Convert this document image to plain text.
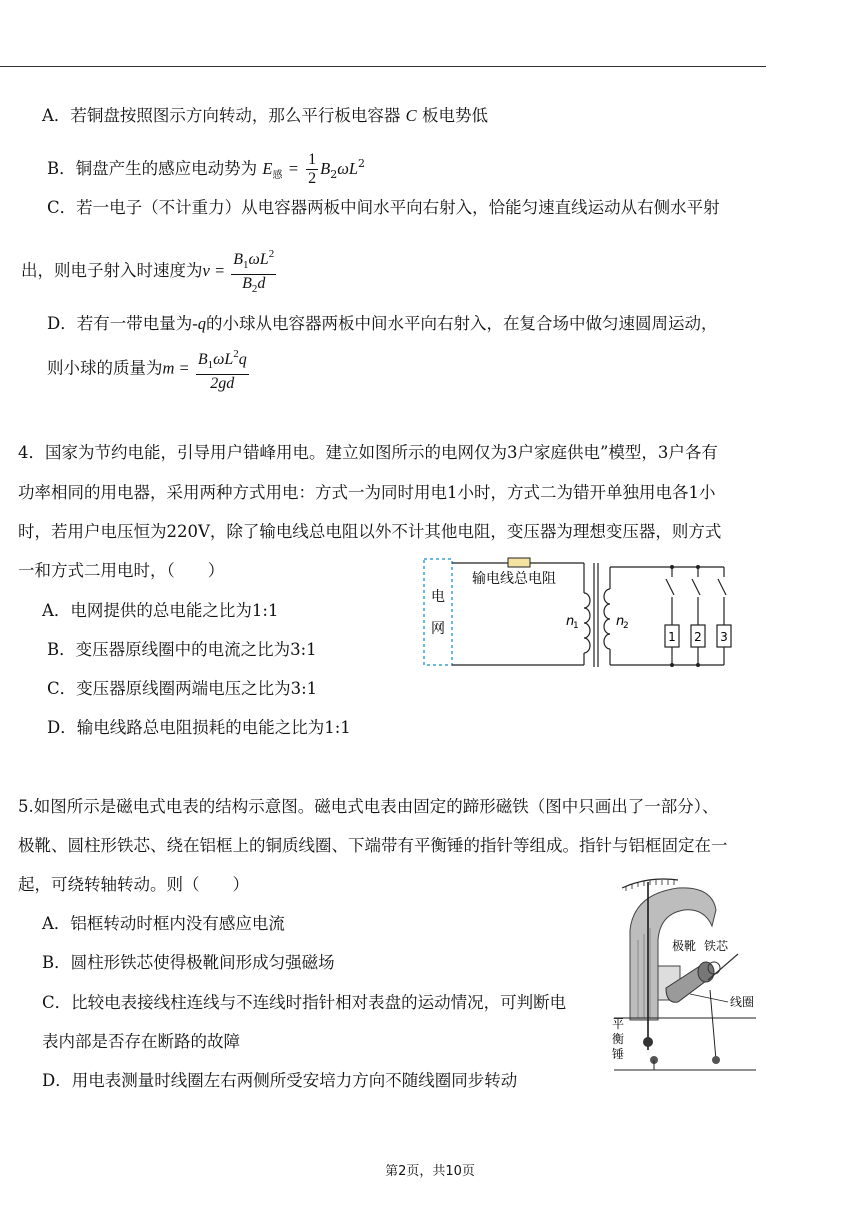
A．若铜盘按照图示方向转动，那么平行板电容器 C 板电势低
B．铜盘产生的感应电动势为 $E_感 = \frac{1}{2} B_2\omega L^2$
C．若一电子（不计重力）从电容器两板中间水平向右射入，恰能匀速直线运动从右侧水平射
出，则电子射入时速度为$v = \frac{B_1\omega L^2}{B_2d}$
D．若有一带电量为-q的小球从电容器两板中间水平向右射入，在复合场中做匀速圆周运动，
则小球的质量为$m = \frac{B_1\omega L^2q}{2gd}$
4．国家为节约电能，引导用户错峰用电。建立如图所示的电网仅为3户家庭供电”模型，3户各有
功率相同的用电器，采用两种方式用电：方式一为同时用电1小时，方式二为错开单独用电各1小
时，若用户电压恒为220V，除了输电线总电阻以外不计其他电阻，变压器为理想变压器，则方式
一和方式二用电时，（　　）
A．电网提供的总电能之比为1:1
B．变压器原线圈中的电流之比为3:1
C．变压器原线圈两端电压之比为3:1
D．输电线路总电阻损耗的电能之比为1:1
电
网
输电线总电阻
n
1	n
2
1 2 3
5.如图所示是磁电式电表的结构示意图。磁电式电表由固定的蹄形磁铁（图中只画出了一部分）、
极靴、圆柱形铁芯、绕在铝框上的铜质线圈、下端带有平衡锤的指针等组成。指针与铝框固定在一
起，可绕转轴转动。则（　　）
A．铝框转动时框内没有感应电流
B．圆柱形铁芯使得极靴间形成匀强磁场
C．比较电表接线柱连线与不连线时指针相对表盘的运动情况，可判断电
表内部是否存在断路的故障
D．用电表测量时线圈左右两侧所受安培力方向不随线圈同步转动
极靴 铁芯
线圈
平
衡
锤
第2页，共10页
